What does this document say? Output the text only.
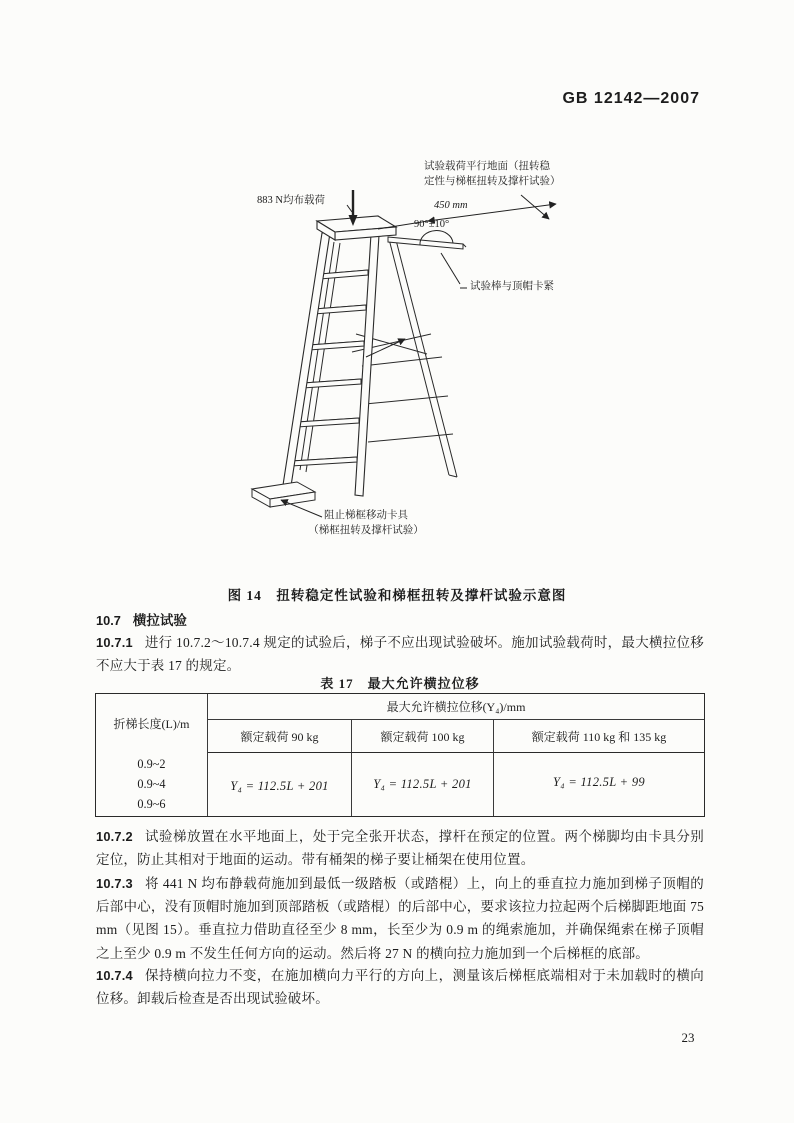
GB 12142—2007
883 N均布载荷
试验载荷平行地面（扭转稳
定性与梯框扭转及撑杆试验）
450 mm
90°±10°
试验棒与顶帽卡紧
阻止梯框移动卡具
（梯框扭转及撑杆试验）
图 14　扭转稳定性试验和梯框扭转及撑杆试验示意图
10.7 横拉试验
10.7.1 进行 10.7.2～10.7.4 规定的试验后，梯子不应出现试验破坏。施加试验载荷时，最大横拉位移不应大于表 17 的规定。
表 17　最大允许横拉位移
折梯长度(L)/m
最大允许横拉位移(Y₄)/mm
额定载荷 90 kg	额定载荷 100 kg	额定载荷 110 kg 和 135 kg
0.9~2
0.9~4
0.9~6
Y₄ = 112.5L + 201	Y₄ = 112.5L + 201	Y₄ = 112.5L + 99
10.7.2 试验梯放置在水平地面上，处于完全张开状态，撑杆在预定的位置。两个梯脚均由卡具分别定位，防止其相对于地面的运动。带有桶架的梯子要让桶架在使用位置。
10.7.3 将 441 N 均布静载荷施加到最低一级踏板（或踏棍）上，向上的垂直拉力施加到梯子顶帽的后部中心，没有顶帽时施加到顶部踏板（或踏棍）的后部中心，要求该拉力拉起两个后梯脚距地面 75 mm（见图 15）。垂直拉力借助直径至少 8 mm，长至少为 0.9 m 的绳索施加，并确保绳索在梯子顶帽之上至少 0.9 m 不发生任何方向的运动。然后将 27 N 的横向拉力施加到一个后梯框的底部。
10.7.4 保持横向拉力不变，在施加横向力平行的方向上，测量该后梯框底端相对于未加载时的横向位移。卸载后检查是否出现试验破坏。
23
